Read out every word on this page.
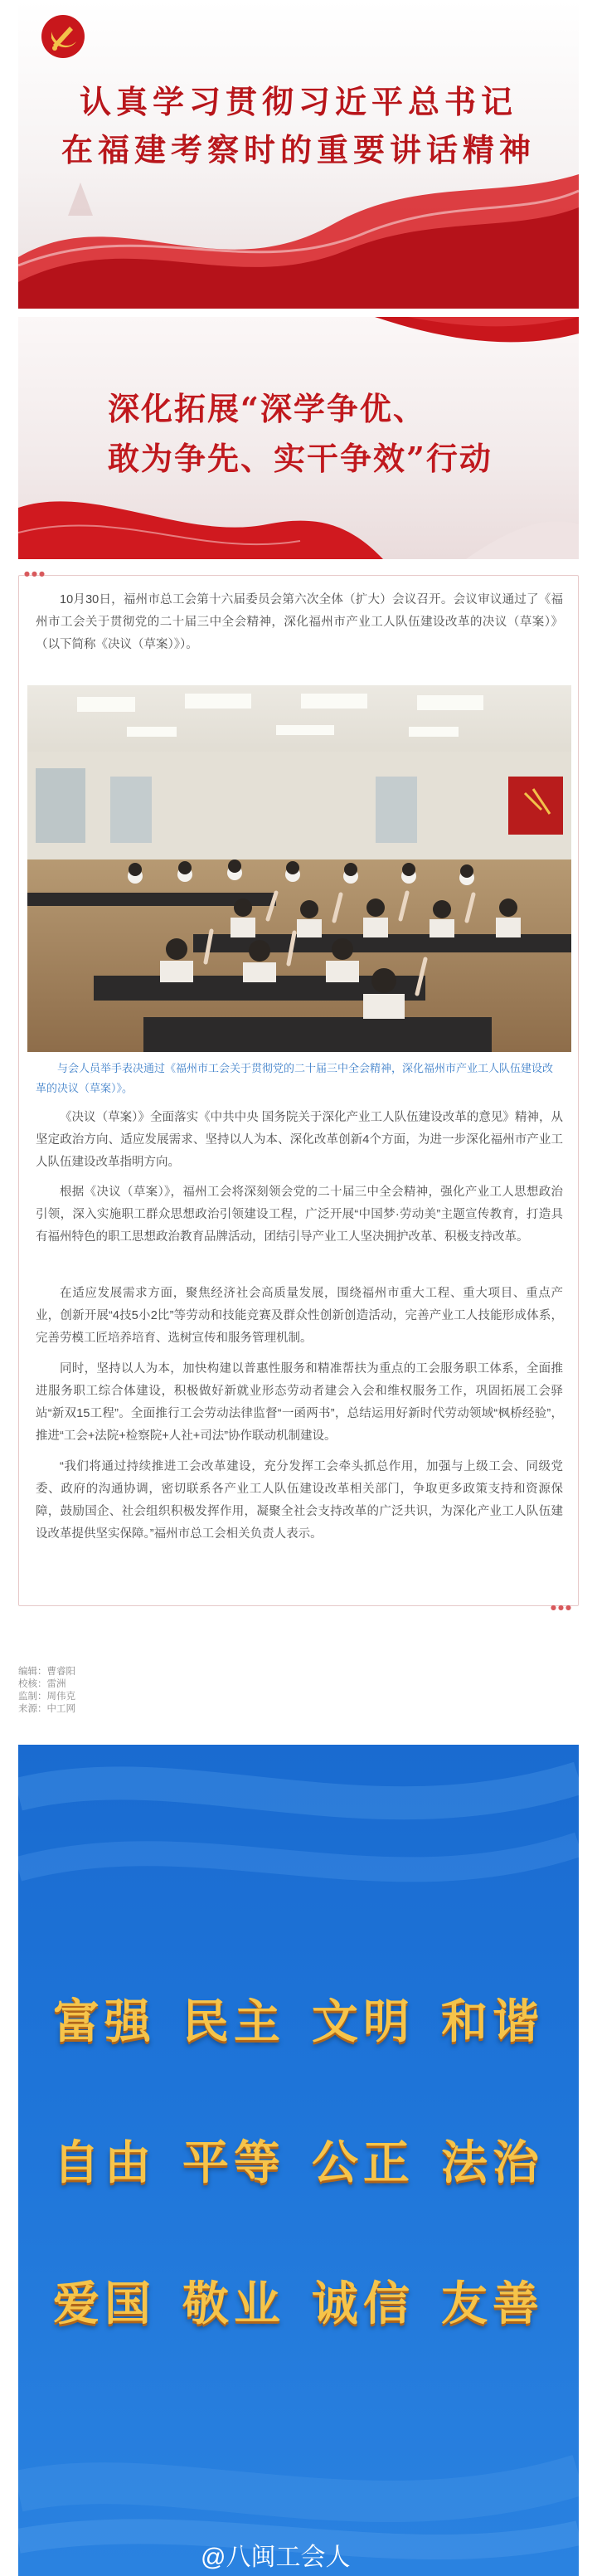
认真学习贯彻习近平总书记
在福建考察时的重要讲话精神
深化拓展“深学争优、
敢为争先、实干争效”行动
●●●

10月30日，福州市总工会第十六届委员会第六次全体（扩大）会议召开。会议审议通过了《福州市工会关于贯彻党的二十届三中全会精神，深化福州市产业工人队伍建设改革的决议（草案）》（以下简称《决议（草案）》）。

与会人员举手表决通过《福州市工会关于贯彻党的二十届三中全会精神，深化福州市产业工人队伍建设改革的决议（草案）》。

《决议（草案）》全面落实《中共中央 国务院关于深化产业工人队伍建设改革的意见》精神，从坚定政治方向、适应发展需求、坚持以人为本、深化改革创新4个方面，为进一步深化福州市产业工人队伍建设改革指明方向。

根据《决议（草案）》，福州工会将深刻领会党的二十届三中全会精神，强化产业工人思想政治引领，深入实施职工群众思想政治引领建设工程，广泛开展“中国梦·劳动美”主题宣传教育，打造具有福州特色的职工思想政治教育品牌活动，团结引导产业工人坚决拥护改革、积极支持改革。

在适应发展需求方面，聚焦经济社会高质量发展，围绕福州市重大工程、重大项目、重点产业，创新开展“4技5小2比”等劳动和技能竞赛及群众性创新创造活动，完善产业工人技能形成体系，完善劳模工匠培养培育、选树宣传和服务管理机制。

同时，坚持以人为本，加快构建以普惠性服务和精准帮扶为重点的工会服务职工体系，全面推进服务职工综合体建设，积极做好新就业形态劳动者建会入会和维权服务工作，巩固拓展工会驿站“新双15工程”。全面推行工会劳动法律监督“一函两书”，总结运用好新时代劳动领域“枫桥经验”，推进“工会+法院+检察院+人社+司法”协作联动机制建设。

“我们将通过持续推进工会改革建设，充分发挥工会牵头抓总作用，加强与上级工会、同级党委、政府的沟通协调，密切联系各产业工人队伍建设改革相关部门，争取更多政策支持和资源保障，鼓励国企、社会组织积极发挥作用，凝聚全社会支持改革的广泛共识，为深化产业工人队伍建设改革提供坚实保障。”福州市总工会相关负责人表示。

●●●
编辑：曹睿阳
校核：雷洲
监制：周伟克
来源：中工网
富强 民主 文明 和谐
自由 平等 公正 法治
爱国 敬业 诚信 友善
@八闽工会人
